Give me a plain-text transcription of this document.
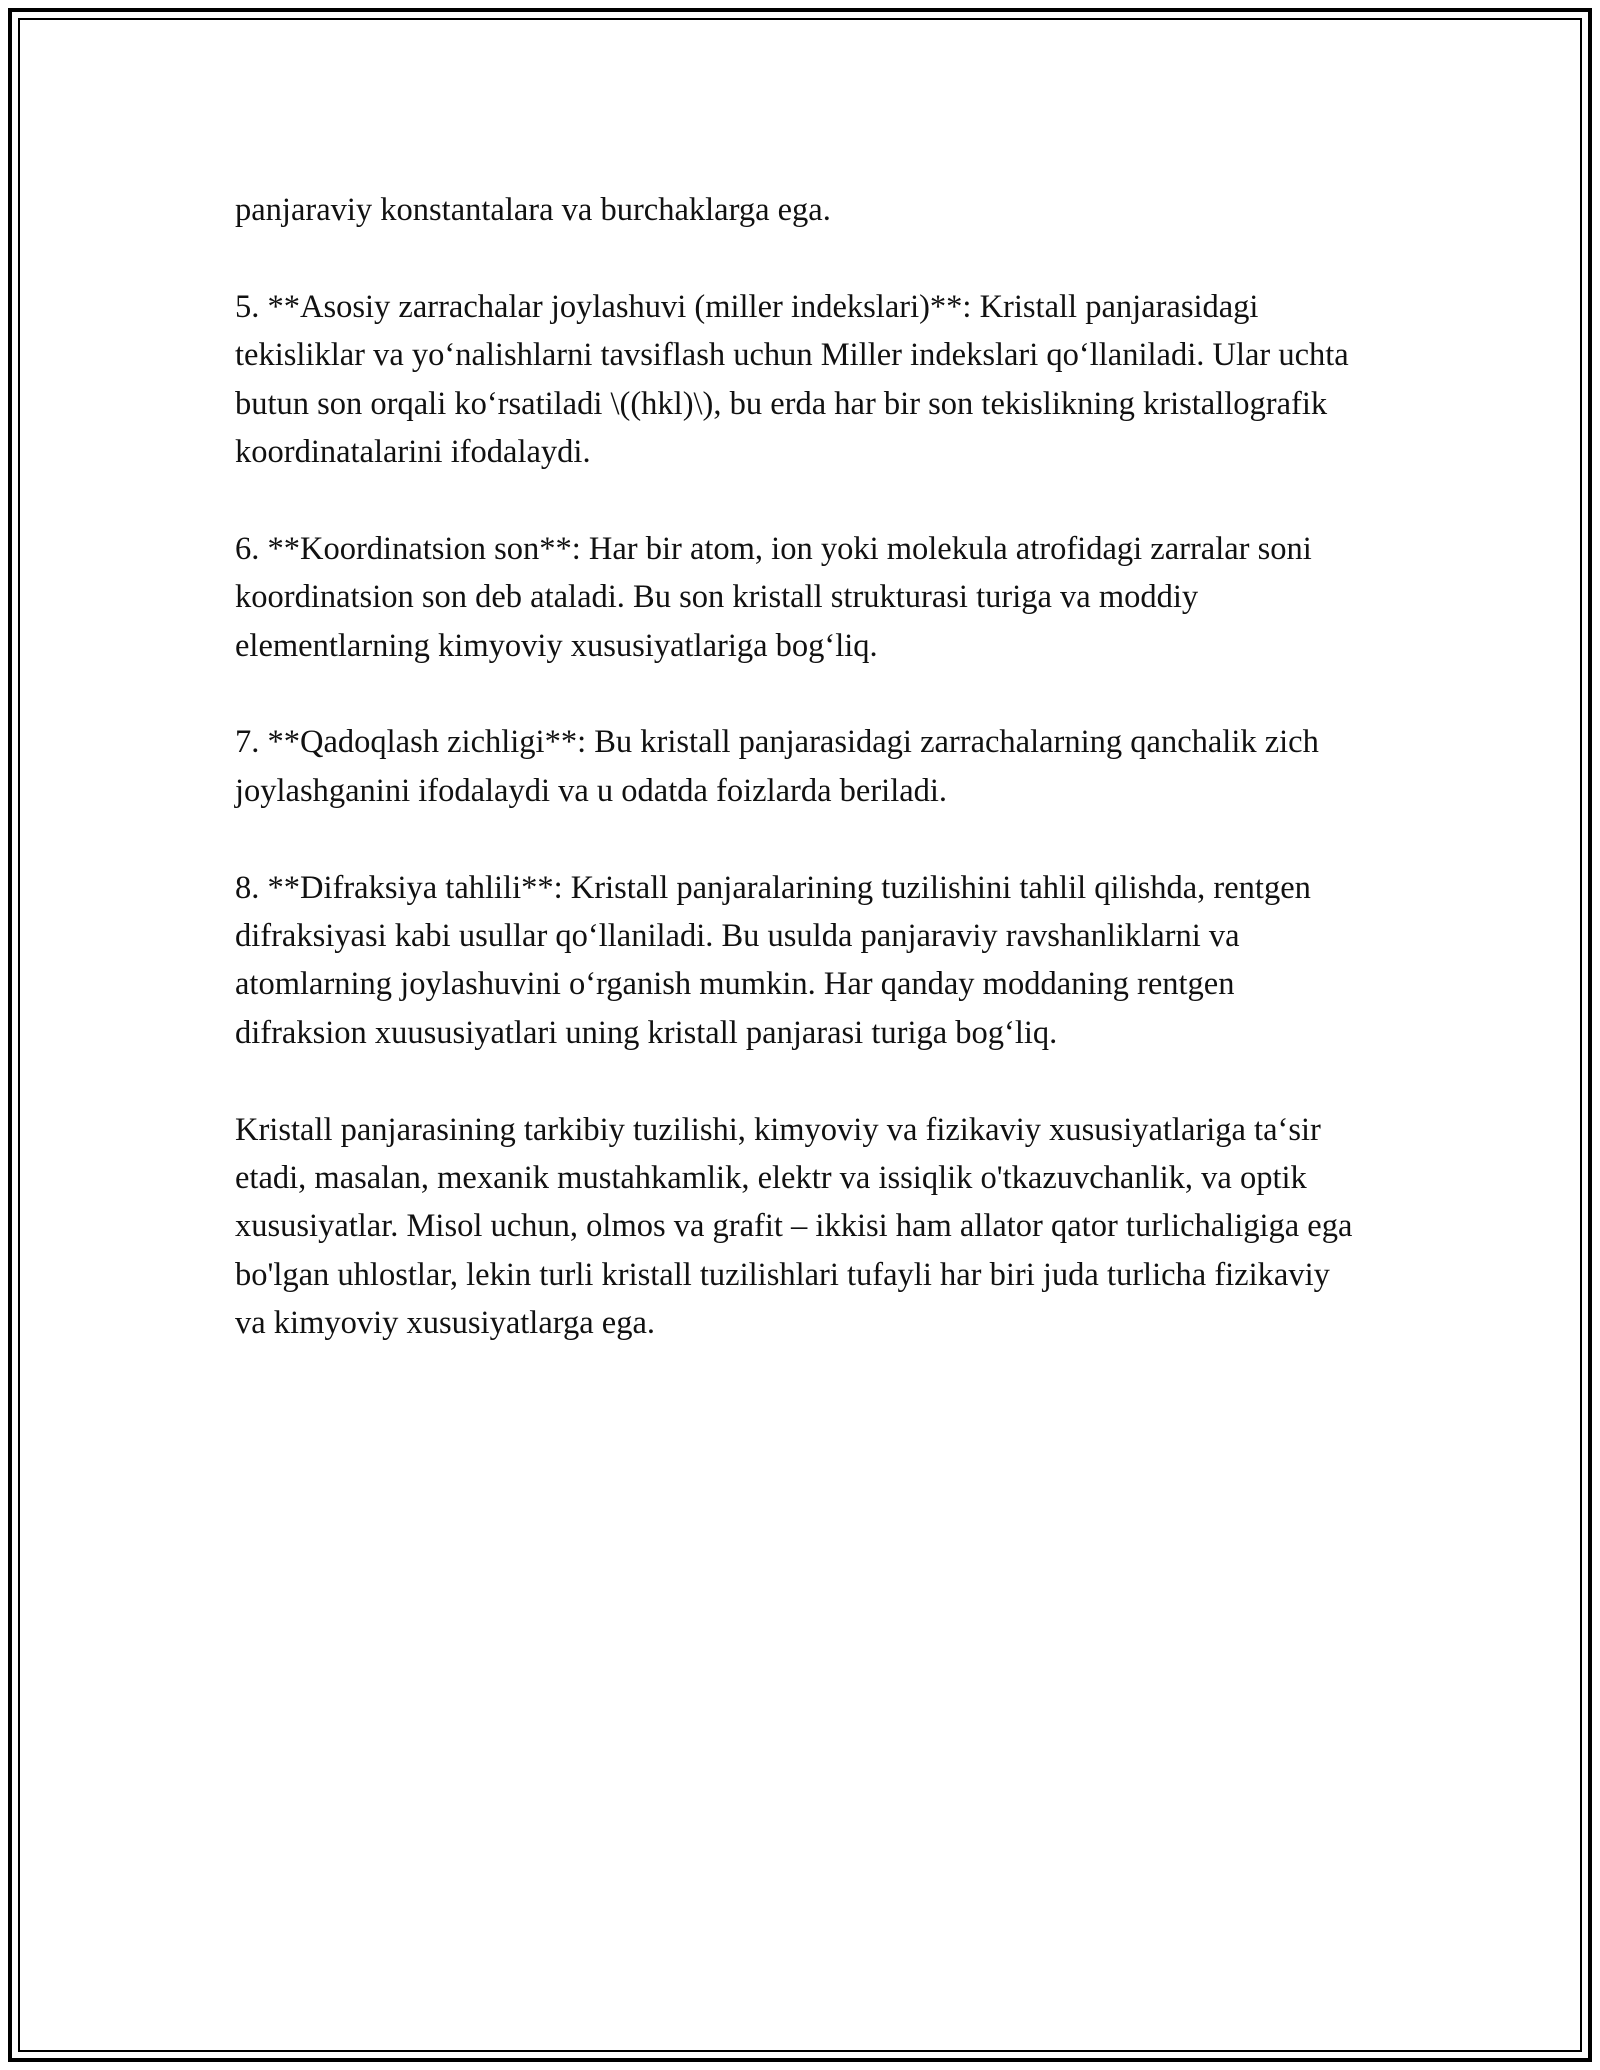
panjaraviy konstantalara va burchaklarga ega.

5. **Asosiy zarrachalar joylashuvi (miller indekslari)**: Kristall panjarasidagi tekisliklar va yo‘nalishlarni tavsiflash uchun Miller indekslari qo‘llaniladi. Ular uchta butun son orqali ko‘rsatiladi \((hkl)\), bu erda har bir son tekislikning kristallografik koordinatalarini ifodalaydi.

6. **Koordinatsion son**: Har bir atom, ion yoki molekula atrofidagi zarralar soni koordinatsion son deb ataladi. Bu son kristall strukturasi turiga va moddiy elementlarning kimyoviy xususiyatlariga bog‘liq.

7. **Qadoqlash zichligi**: Bu kristall panjarasidagi zarrachalarning qanchalik zich joylashganini ifodalaydi va u odatda foizlarda beriladi.

8. **Difraksiya tahlili**: Kristall panjaralarining tuzilishini tahlil qilishda, rentgen difraksiyasi kabi usullar qo‘llaniladi. Bu usulda panjaraviy ravshanliklarni va atomlarning joylashuvini o‘rganish mumkin. Har qanday moddaning rentgen difraksion xuususiyatlari uning kristall panjarasi turiga bog‘liq.

Kristall panjarasining tarkibiy tuzilishi, kimyoviy va fizikaviy xususiyatlariga ta‘sir etadi, masalan, mexanik mustahkamlik, elektr va issiqlik o'tkazuvchanlik, va optik xususiyatlar. Misol uchun, olmos va grafit – ikkisi ham allator qator turlichaligiga ega bo'lgan uhlostlar, lekin turli kristall tuzilishlari tufayli har biri juda turlicha fizikaviy va kimyoviy xususiyatlarga ega.
